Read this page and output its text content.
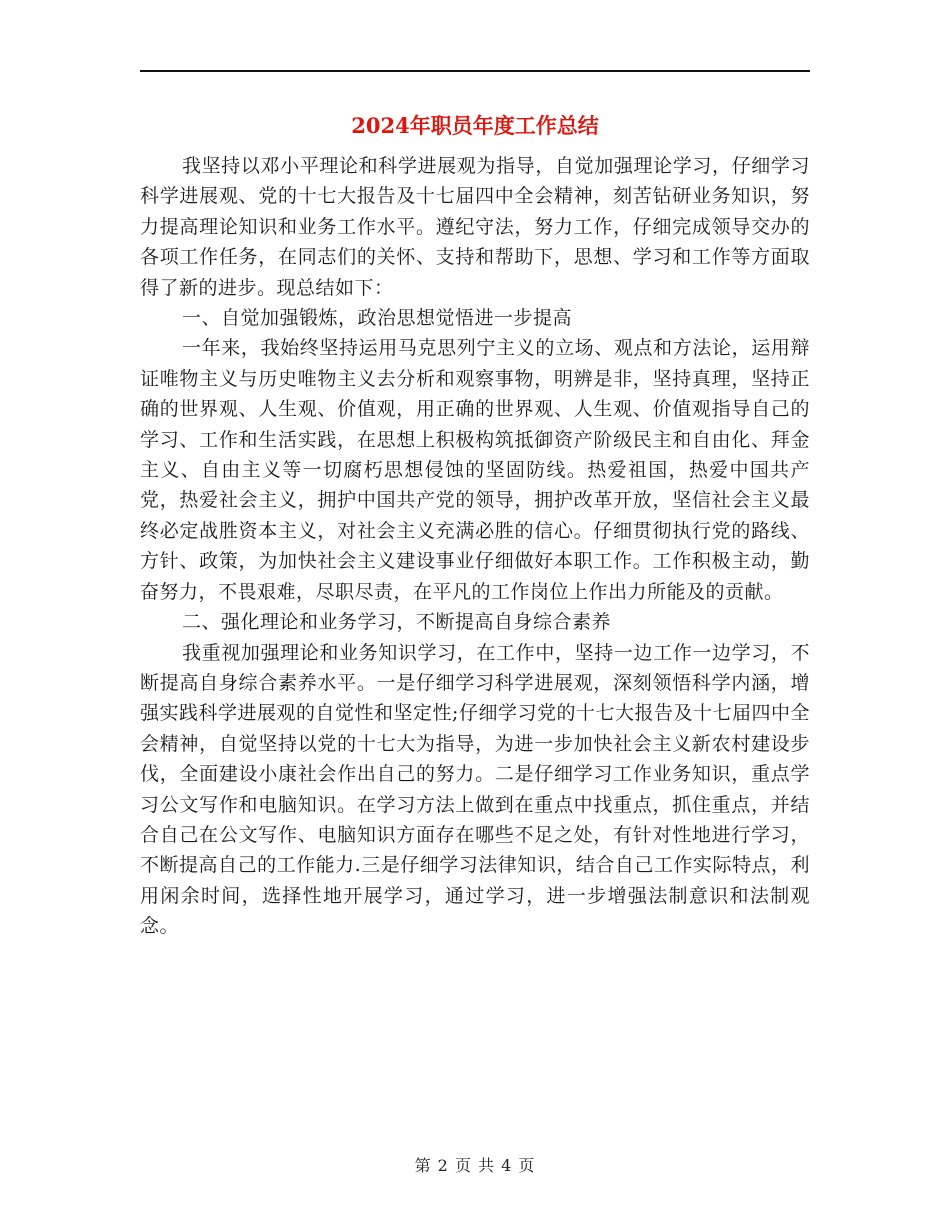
2024年职员年度工作总结

我坚持以邓小平理论和科学进展观为指导，自觉加强理论学习，仔细学习科学进展观、党的十七大报告及十七届四中全会精神，刻苦钻研业务知识，努力提高理论知识和业务工作水平。遵纪守法，努力工作，仔细完成领导交办的各项工作任务，在同志们的关怀、支持和帮助下，思想、学习和工作等方面取得了新的进步。现总结如下：

一、自觉加强锻炼，政治思想觉悟进一步提高

一年来，我始终坚持运用马克思列宁主义的立场、观点和方法论，运用辩证唯物主义与历史唯物主义去分析和观察事物，明辨是非，坚持真理，坚持正确的世界观、人生观、价值观，用正确的世界观、人生观、价值观指导自己的学习、工作和生活实践，在思想上积极构筑抵御资产阶级民主和自由化、拜金主义、自由主义等一切腐朽思想侵蚀的坚固防线。热爱祖国，热爱中国共产党，热爱社会主义，拥护中国共产党的领导，拥护改革开放，坚信社会主义最终必定战胜资本主义，对社会主义充满必胜的信心。仔细贯彻执行党的路线、方针、政策，为加快社会主义建设事业仔细做好本职工作。工作积极主动，勤奋努力，不畏艰难，尽职尽责，在平凡的工作岗位上作出力所能及的贡献。

二、强化理论和业务学习，不断提高自身综合素养

我重视加强理论和业务知识学习，在工作中，坚持一边工作一边学习，不断提高自身综合素养水平。一是仔细学习科学进展观，深刻领悟科学内涵，增强实践科学进展观的自觉性和坚定性;仔细学习党的十七大报告及十七届四中全会精神，自觉坚持以党的十七大为指导，为进一步加快社会主义新农村建设步伐，全面建设小康社会作出自己的努力。二是仔细学习工作业务知识，重点学习公文写作和电脑知识。在学习方法上做到在重点中找重点，抓住重点，并结合自己在公文写作、电脑知识方面存在哪些不足之处，有针对性地进行学习，不断提高自己的工作能力.三是仔细学习法律知识，结合自己工作实际特点，利用闲余时间，选择性地开展学习，通过学习，进一步增强法制意识和法制观念。

第 2 页 共 4 页
